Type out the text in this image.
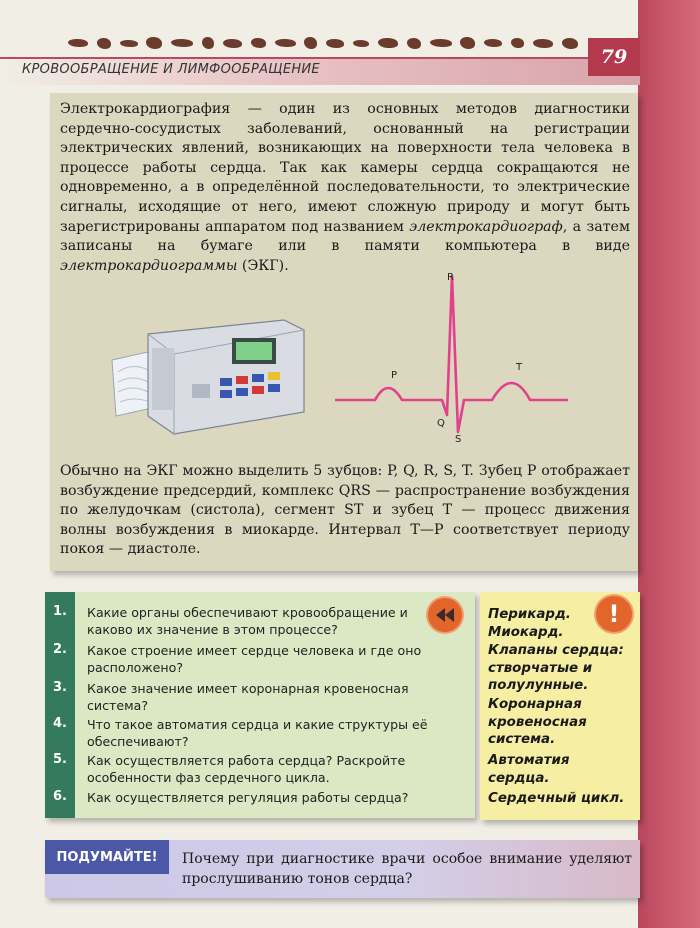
КРОВООБРАЩЕНИЕ И ЛИМФООБРАЩЕНИЕ
79

Электрокардиография — один из основных методов диагностики сердечно-сосудистых заболеваний, основанный на регистрации электрических явлений, возникающих на поверхности тела человека в процессе работы сердца. Так как камеры сердца сокращаются не одновременно, а в определённой последовательности, то электрические сигналы, исходящие от него, имеют сложную природу и могут быть зарегистрированы аппаратом под названием электрокардиограф, а затем записаны на бумаге или в памяти компьютера в виде электрокардиограммы (ЭКГ).

R
P
T
Q
S

Обычно на ЭКГ можно выделить 5 зубцов: P, Q, R, S, T. Зубец P отображает возбуждение предсердий, комплекс QRS — распространение возбуждения по желудочкам (систола), сегмент ST и зубец T — процесс движения волны возбуждения в миокарде. Интервал T—P соответствует периоду покоя — диастоле.

1.	Какие органы обеспечивают кровообращение и каково их значение в этом процессе?
2.	Какое строение имеет сердце человека и где оно расположено?
3.	Какое значение имеет коронарная кровеносная система?
4.	Что такое автоматия сердца и какие структуры её обеспечивают?
5.	Как осуществляется работа сердца? Раскройте особенности фаз сердечного цикла.
6.	Как осуществляется регуляция работы сердца?
!
Перикард.
Миокард.
Клапаны сердца: створчатые и полулунные.
Коронарная кровеносная система.
Автоматия сердца.
Сердечный цикл.
ПОДУМАЙТЕ!	Почему при диагностике врачи особое внимание уделяют прослушиванию тонов сердца?
